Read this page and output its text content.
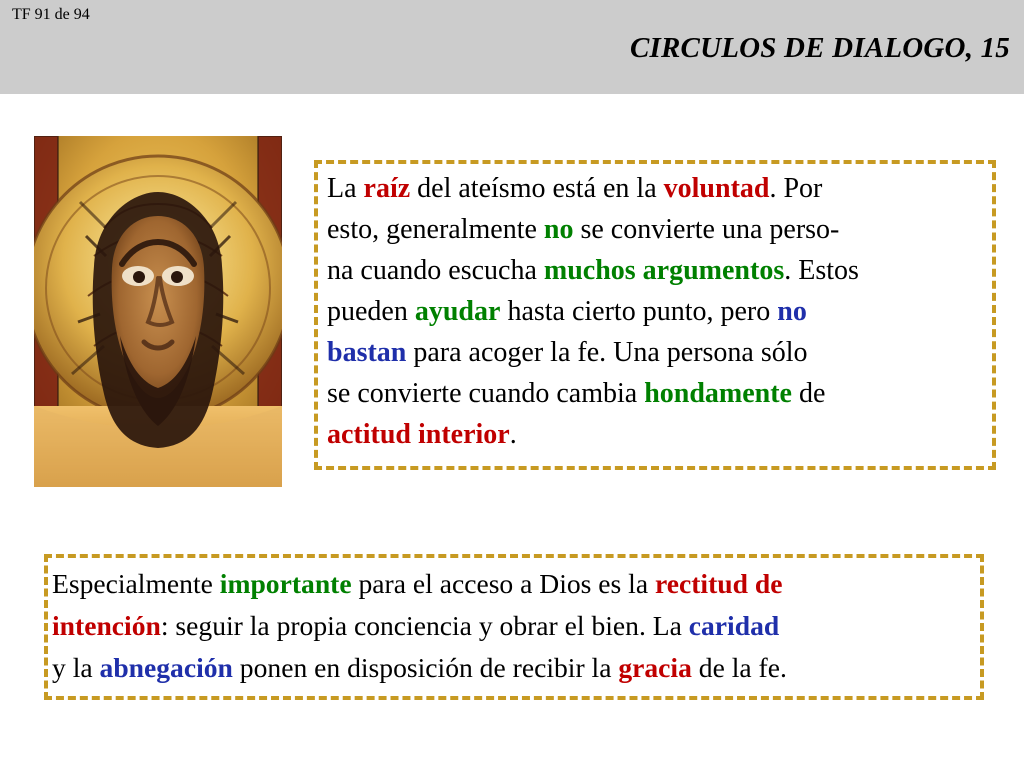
TF 91 de 94
CIRCULOS DE DIALOGO, 15
La raíz del ateísmo está en la voluntad. Por
esto, generalmente no se convierte una perso-
na cuando escucha muchos argumentos. Estos
pueden ayudar hasta cierto punto, pero no
bastan para acoger la fe. Una persona sólo
se convierte cuando cambia hondamente de
actitud interior.
Especialmente importante para el acceso a Dios es la rectitud de
intención: seguir la propia conciencia y obrar el bien. La caridad
y la abnegación ponen en disposición de recibir la gracia de la fe.
